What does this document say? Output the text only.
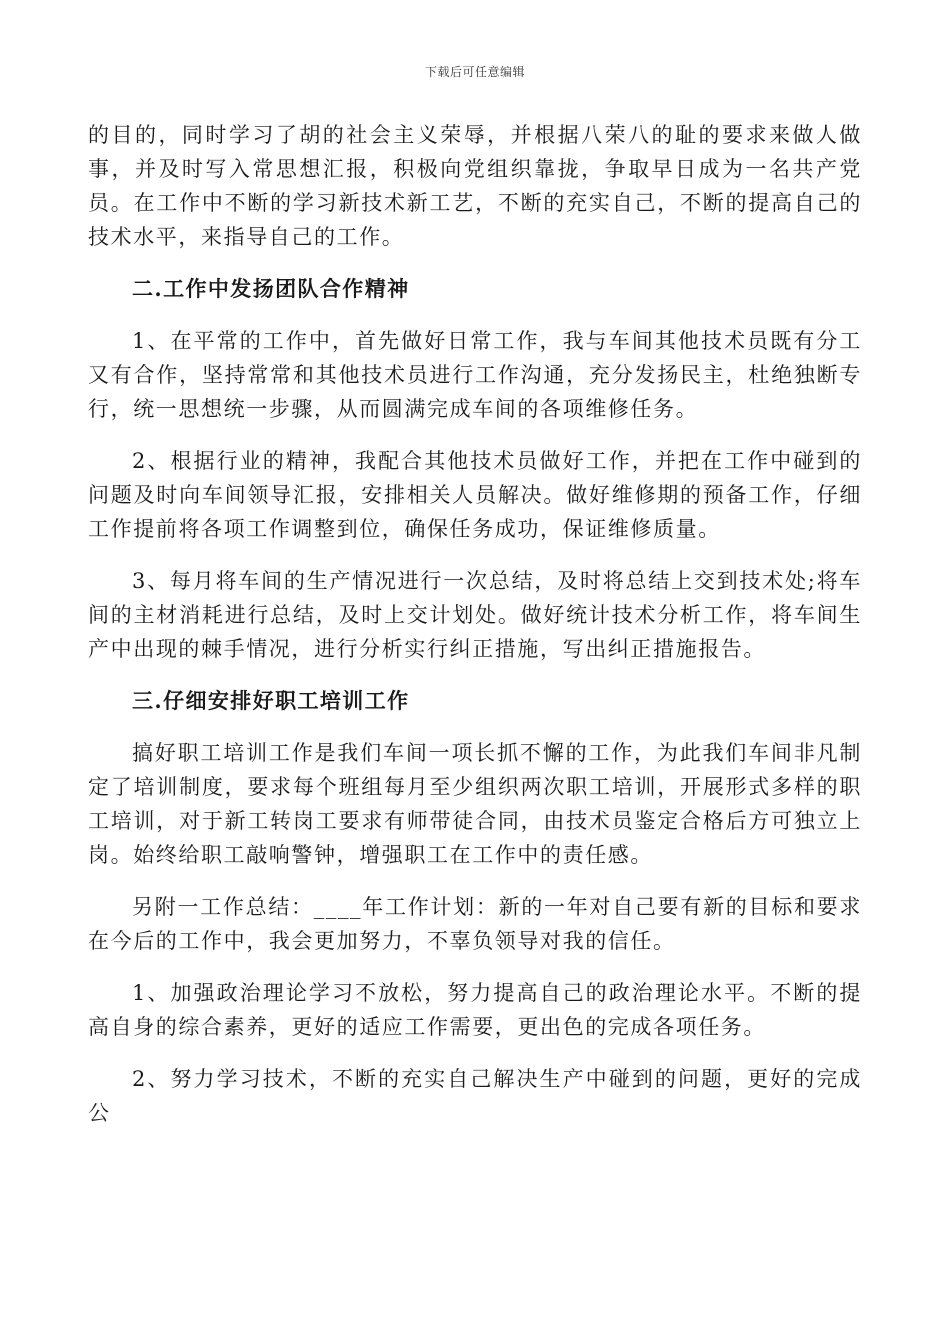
下载后可任意编辑

的目的，同时学习了胡的社会主义荣辱，并根据八荣八的耻的要求来做人做事，并及时写入常思想汇报，积极向党组织靠拢，争取早日成为一名共产党员。在工作中不断的学习新技术新工艺，不断的充实自己，不断的提高自己的技术水平，来指导自己的工作。

二.工作中发扬团队合作精神

1、在平常的工作中，首先做好日常工作，我与车间其他技术员既有分工又有合作，坚持常常和其他技术员进行工作沟通，充分发扬民主，杜绝独断专行，统一思想统一步骤，从而圆满完成车间的各项维修任务。

2、根据行业的精神，我配合其他技术员做好工作，并把在工作中碰到的问题及时向车间领导汇报，安排相关人员解决。做好维修期的预备工作，仔细工作提前将各项工作调整到位，确保任务成功，保证维修质量。

3、每月将车间的生产情况进行一次总结，及时将总结上交到技术处;将车间的主材消耗进行总结，及时上交计划处。做好统计技术分析工作，将车间生产中出现的棘手情况，进行分析实行纠正措施，写出纠正措施报告。

三.仔细安排好职工培训工作

搞好职工培训工作是我们车间一项长抓不懈的工作，为此我们车间非凡制定了培训制度，要求每个班组每月至少组织两次职工培训，开展形式多样的职工培训，对于新工转岗工要求有师带徒合同，由技术员鉴定合格后方可独立上岗。始终给职工敲响警钟，增强职工在工作中的责任感。

另附一工作总结：____年工作计划：新的一年对自己要有新的目标和要求在今后的工作中，我会更加努力，不辜负领导对我的信任。

1、加强政治理论学习不放松，努力提高自己的政治理论水平。不断的提高自身的综合素养，更好的适应工作需要，更出色的完成各项任务。

2、努力学习技术，不断的充实自己解决生产中碰到的问题，更好的完成公
